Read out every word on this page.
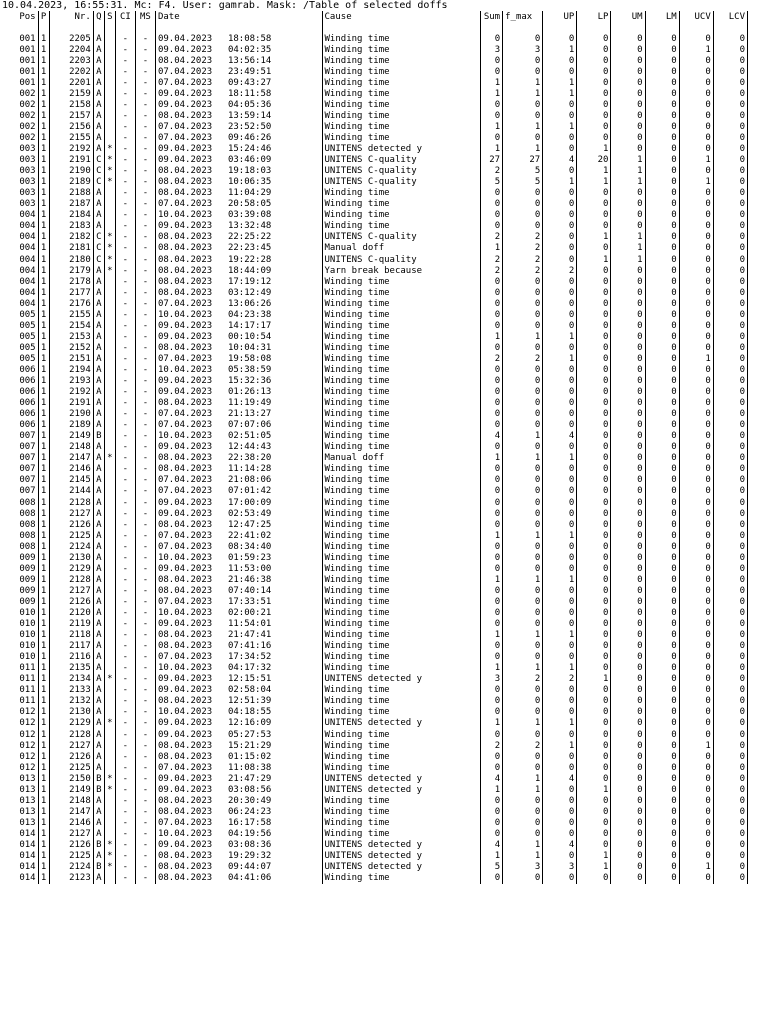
10.04.2023, 16:55:31. Mc: F4. User: gamrab. Mask: /Table of selected doffs
Pos	P	Nr.	Q	S	CI	MS	Date	Cause	Sum	f_max	UP	LP	UM	LM	UCV	LCV

001	1	2205	A		-	-	09.04.2023 18:08:58	Winding time	0	0	0	0	0	0	0	0
001	1	2204	A		-	-	09.04.2023 04:02:35	Winding time	3	3	1	0	0	0	1	0
001	1	2203	A		-	-	08.04.2023 13:56:14	Winding time	0	0	0	0	0	0	0	0
001	1	2202	A		-	-	07.04.2023 23:49:51	Winding time	0	0	0	0	0	0	0	0
001	1	2201	A		-	-	07.04.2023 09:43:27	Winding time	1	1	1	0	0	0	0	0
002	1	2159	A		-	-	09.04.2023 18:11:58	Winding time	1	1	1	0	0	0	0	0
002	1	2158	A		-	-	09.04.2023 04:05:36	Winding time	0	0	0	0	0	0	0	0
002	1	2157	A		-	-	08.04.2023 13:59:14	Winding time	0	0	0	0	0	0	0	0
002	1	2156	A		-	-	07.04.2023 23:52:50	Winding time	1	1	1	0	0	0	0	0
002	1	2155	A		-	-	07.04.2023 09:46:26	Winding time	0	0	0	0	0	0	0	0
003	1	2192	A	*	-	-	09.04.2023 15:24:46	UNITENS detected y	1	1	0	1	0	0	0	0
003	1	2191	C	*	-	-	09.04.2023 03:46:09	UNITENS C-quality	27	27	4	20	1	0	1	0
003	1	2190	C	*	-	-	08.04.2023 19:18:03	UNITENS C-quality	2	5	0	1	1	0	0	0
003	1	2189	C	*	-	-	08.04.2023 10:06:35	UNITENS C-quality	5	5	1	1	1	0	1	0
003	1	2188	A		-	-	08.04.2023 11:04:29	Winding time	0	0	0	0	0	0	0	0
003	1	2187	A		-	-	07.04.2023 20:58:05	Winding time	0	0	0	0	0	0	0	0
004	1	2184	A		-	-	10.04.2023 03:39:08	Winding time	0	0	0	0	0	0	0	0
004	1	2183	A		-	-	09.04.2023 13:32:48	Winding time	0	0	0	0	0	0	0	0
004	1	2182	C	*	-	-	08.04.2023 22:25:22	UNITENS C-quality	2	2	0	1	1	0	0	0
004	1	2181	C	*	-	-	08.04.2023 22:23:45	Manual doff	1	2	0	0	1	0	0	0
004	1	2180	C	*	-	-	08.04.2023 19:22:28	UNITENS C-quality	2	2	0	1	1	0	0	0
004	1	2179	A	*	-	-	08.04.2023 18:44:09	Yarn break because	2	2	2	0	0	0	0	0
004	1	2178	A		-	-	08.04.2023 17:19:12	Winding time	0	0	0	0	0	0	0	0
004	1	2177	A		-	-	08.04.2023 03:12:49	Winding time	0	0	0	0	0	0	0	0
004	1	2176	A		-	-	07.04.2023 13:06:26	Winding time	0	0	0	0	0	0	0	0
005	1	2155	A		-	-	10.04.2023 04:23:38	Winding time	0	0	0	0	0	0	0	0
005	1	2154	A		-	-	09.04.2023 14:17:17	Winding time	0	0	0	0	0	0	0	0
005	1	2153	A		-	-	09.04.2023 00:10:54	Winding time	1	1	1	0	0	0	0	0
005	1	2152	A		-	-	08.04.2023 10:04:31	Winding time	0	0	0	0	0	0	0	0
005	1	2151	A		-	-	07.04.2023 19:58:08	Winding time	2	2	1	0	0	0	1	0
006	1	2194	A		-	-	10.04.2023 05:38:59	Winding time	0	0	0	0	0	0	0	0
006	1	2193	A		-	-	09.04.2023 15:32:36	Winding time	0	0	0	0	0	0	0	0
006	1	2192	A		-	-	09.04.2023 01:26:13	Winding time	0	0	0	0	0	0	0	0
006	1	2191	A		-	-	08.04.2023 11:19:49	Winding time	0	0	0	0	0	0	0	0
006	1	2190	A		-	-	07.04.2023 21:13:27	Winding time	0	0	0	0	0	0	0	0
006	1	2189	A		-	-	07.04.2023 07:07:06	Winding time	0	0	0	0	0	0	0	0
007	1	2149	B		-	-	10.04.2023 02:51:05	Winding time	4	1	4	0	0	0	0	0
007	1	2148	A		-	-	09.04.2023 12:44:43	Winding time	0	0	0	0	0	0	0	0
007	1	2147	A	*	-	-	08.04.2023 22:38:20	Manual doff	1	1	1	0	0	0	0	0
007	1	2146	A		-	-	08.04.2023 11:14:28	Winding time	0	0	0	0	0	0	0	0
007	1	2145	A		-	-	07.04.2023 21:08:06	Winding time	0	0	0	0	0	0	0	0
007	1	2144	A		-	-	07.04.2023 07:01:42	Winding time	0	0	0	0	0	0	0	0
008	1	2128	A		-	-	09.04.2023 17:00:09	Winding time	0	0	0	0	0	0	0	0
008	1	2127	A		-	-	09.04.2023 02:53:49	Winding time	0	0	0	0	0	0	0	0
008	1	2126	A		-	-	08.04.2023 12:47:25	Winding time	0	0	0	0	0	0	0	0
008	1	2125	A		-	-	07.04.2023 22:41:02	Winding time	1	1	1	0	0	0	0	0
008	1	2124	A		-	-	07.04.2023 08:34:40	Winding time	0	0	0	0	0	0	0	0
009	1	2130	A		-	-	10.04.2023 01:59:23	Winding time	0	0	0	0	0	0	0	0
009	1	2129	A		-	-	09.04.2023 11:53:00	Winding time	0	0	0	0	0	0	0	0
009	1	2128	A		-	-	08.04.2023 21:46:38	Winding time	1	1	1	0	0	0	0	0
009	1	2127	A		-	-	08.04.2023 07:40:14	Winding time	0	0	0	0	0	0	0	0
009	1	2126	A		-	-	07.04.2023 17:33:51	Winding time	0	0	0	0	0	0	0	0
010	1	2120	A		-	-	10.04.2023 02:00:21	Winding time	0	0	0	0	0	0	0	0
010	1	2119	A		-	-	09.04.2023 11:54:01	Winding time	0	0	0	0	0	0	0	0
010	1	2118	A		-	-	08.04.2023 21:47:41	Winding time	1	1	1	0	0	0	0	0
010	1	2117	A		-	-	08.04.2023 07:41:16	Winding time	0	0	0	0	0	0	0	0
010	1	2116	A		-	-	07.04.2023 17:34:52	Winding time	0	0	0	0	0	0	0	0
011	1	2135	A		-	-	10.04.2023 04:17:32	Winding time	1	1	1	0	0	0	0	0
011	1	2134	A	*	-	-	09.04.2023 12:15:51	UNITENS detected y	3	2	2	1	0	0	0	0
011	1	2133	A		-	-	09.04.2023 02:58:04	Winding time	0	0	0	0	0	0	0	0
011	1	2132	A		-	-	08.04.2023 12:51:39	Winding time	0	0	0	0	0	0	0	0
012	1	2130	A		-	-	10.04.2023 04:18:55	Winding time	0	0	0	0	0	0	0	0
012	1	2129	A	*	-	-	09.04.2023 12:16:09	UNITENS detected y	1	1	1	0	0	0	0	0
012	1	2128	A		-	-	09.04.2023 05:27:53	Winding time	0	0	0	0	0	0	0	0
012	1	2127	A		-	-	08.04.2023 15:21:29	Winding time	2	2	1	0	0	0	1	0
012	1	2126	A		-	-	08.04.2023 01:15:02	Winding time	0	0	0	0	0	0	0	0
012	1	2125	A		-	-	07.04.2023 11:08:38	Winding time	0	0	0	0	0	0	0	0
013	1	2150	B	*	-	-	09.04.2023 21:47:29	UNITENS detected y	4	1	4	0	0	0	0	0
013	1	2149	B	*	-	-	09.04.2023 03:08:56	UNITENS detected y	1	1	0	1	0	0	0	0
013	1	2148	A		-	-	08.04.2023 20:30:49	Winding time	0	0	0	0	0	0	0	0
013	1	2147	A		-	-	08.04.2023 06:24:23	Winding time	0	0	0	0	0	0	0	0
013	1	2146	A		-	-	07.04.2023 16:17:58	Winding time	0	0	0	0	0	0	0	0
014	1	2127	A		-	-	10.04.2023 04:19:56	Winding time	0	0	0	0	0	0	0	0
014	1	2126	B	*	-	-	09.04.2023 03:08:36	UNITENS detected y	4	1	4	0	0	0	0	0
014	1	2125	A	*	-	-	08.04.2023 19:29:32	UNITENS detected y	1	1	0	1	0	0	0	0
014	1	2124	B	*	-	-	08.04.2023 09:44:07	UNITENS detected y	5	3	3	1	0	0	1	0
014	1	2123	A		-	-	08.04.2023 04:41:06	Winding time	0	0	0	0	0	0	0	0
